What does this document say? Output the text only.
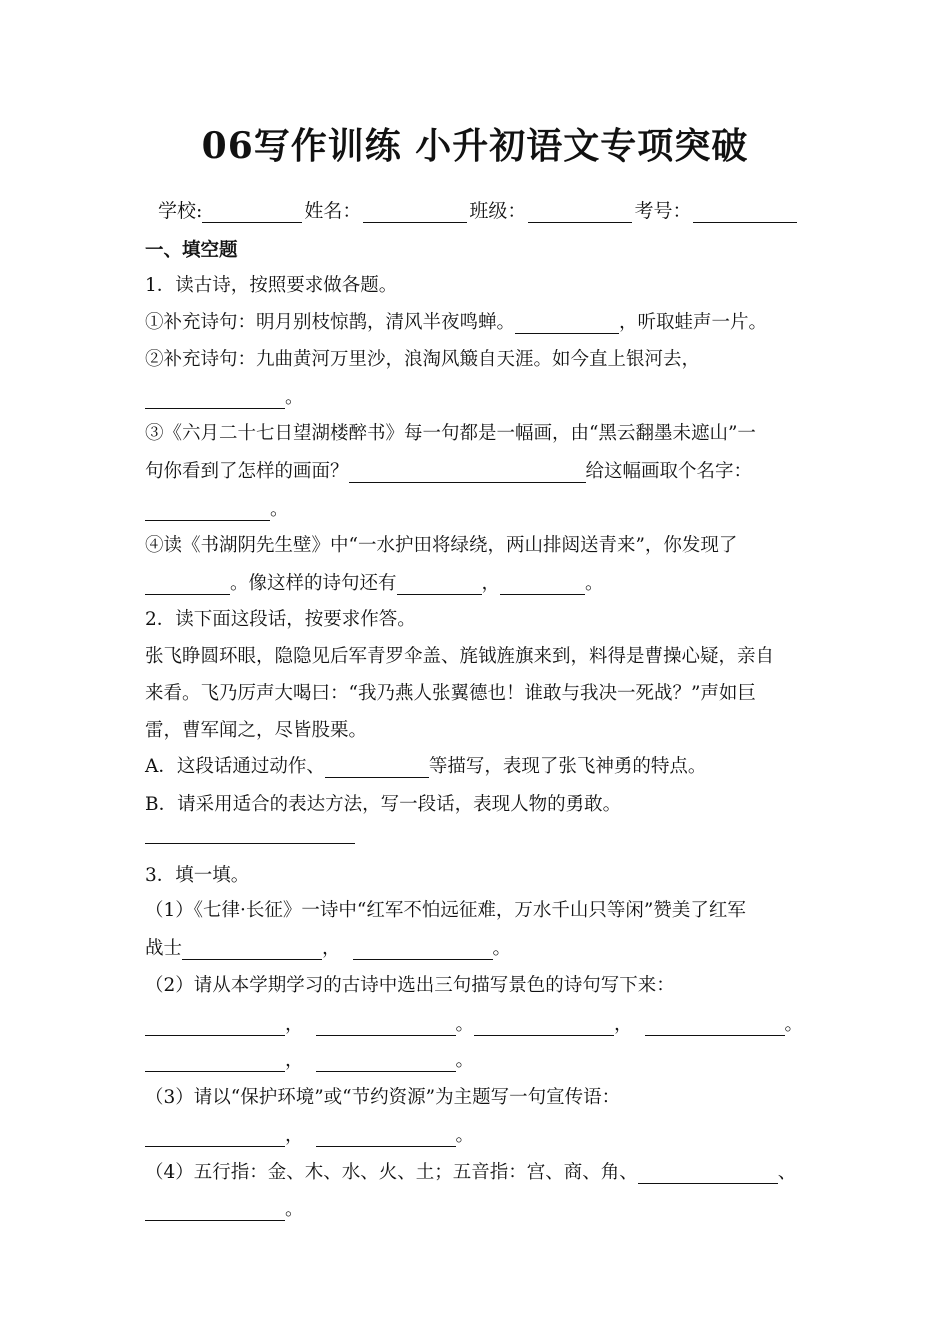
06写作训练 小升初语文专项突破
学校:	姓名：	班级：	考号：
一、填空题
1．读古诗，按照要求做各题。
①补充诗句：明月别枝惊鹊，清风半夜鸣蝉。	，听取蛙声一片。
②补充诗句：九曲黄河万里沙，浪淘风簸自天涯。如今直上银河去，
。
③《六月二十七日望湖楼醉书》每一句都是一幅画，由“黑云翻墨未遮山”一
句你看到了怎样的画面？	给这幅画取个名字：
。
④读《书湖阴先生壁》中“一水护田将绿绕，两山排闼送青来”，你发现了
。像这样的诗句还有	，	。
2．读下面这段话，按要求作答。
张飞睁圆环眼，隐隐见后军青罗伞盖、旄钺旌旗来到，料得是曹操心疑，亲自
来看。飞乃厉声大喝曰：“我乃燕人张翼德也！谁敢与我决一死战？”声如巨
雷，曹军闻之，尽皆股栗。
A．这段话通过动作、	等描写，表现了张飞神勇的特点。
B．请采用适合的表达方法，写一段话，表现人物的勇敢。
3．填一填。
（1）《七律·长征》一诗中“红军不怕远征难，万水千山只等闲”赞美了红军
战士	，	。
（2）请从本学期学习的古诗中选出三句描写景色的诗句写下来：
，	。	，	。
，	。
（3）请以“保护环境”或“节约资源”为主题写一句宣传语：
，	。
（4）五行指：金、木、水、火、土；五音指：宫、商、角、	、
。
